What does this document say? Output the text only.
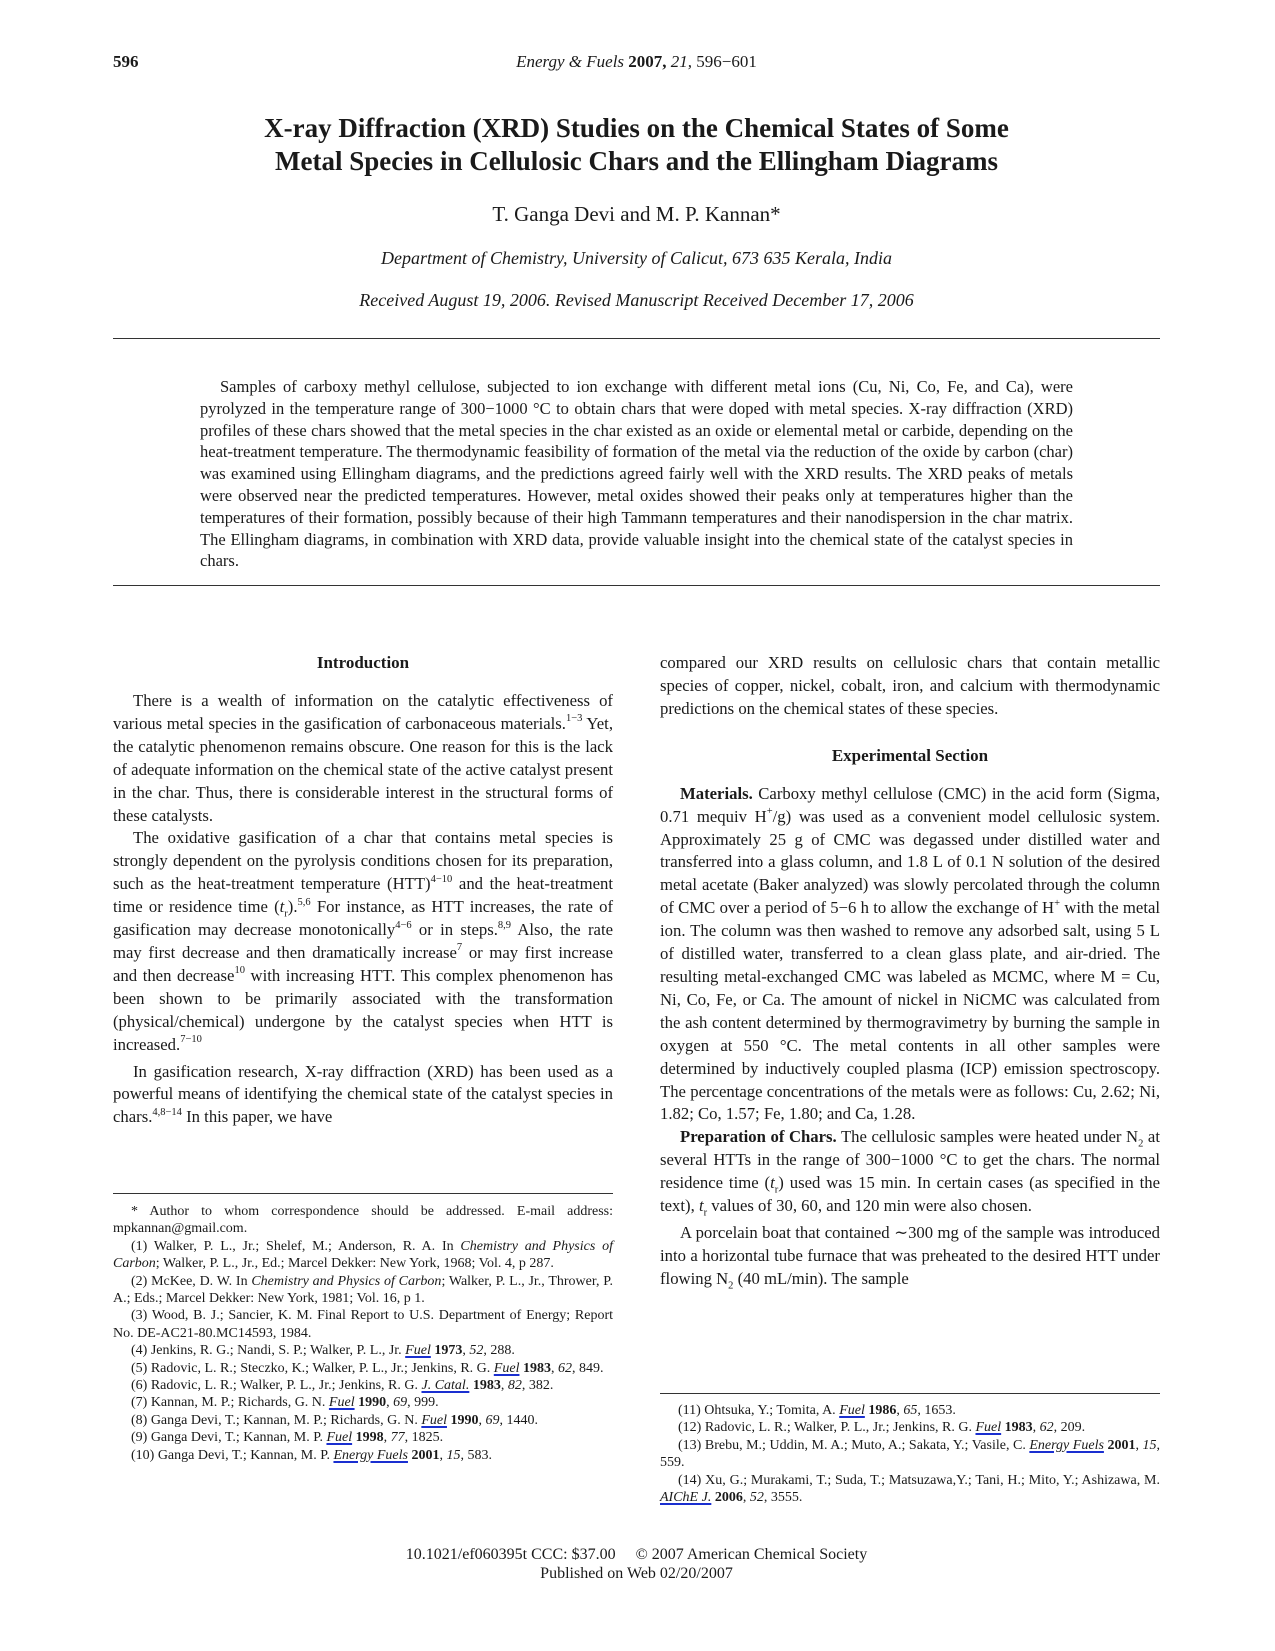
596	Energy & Fuels 2007, 21, 596−601
X-ray Diffraction (XRD) Studies on the Chemical States of Some
Metal Species in Cellulosic Chars and the Ellingham Diagrams
T. Ganga Devi and M. P. Kannan*
Department of Chemistry, University of Calicut, 673 635 Kerala, India
Received August 19, 2006. Revised Manuscript Received December 17, 2006
Samples of carboxy methyl cellulose, subjected to ion exchange with different metal ions (Cu, Ni, Co, Fe, and Ca), were pyrolyzed in the temperature range of 300−1000 °C to obtain chars that were doped with metal species. X-ray diffraction (XRD) profiles of these chars showed that the metal species in the char existed as an oxide or elemental metal or carbide, depending on the heat-treatment temperature. The thermodynamic feasibility of formation of the metal via the reduction of the oxide by carbon (char) was examined using Ellingham diagrams, and the predictions agreed fairly well with the XRD results. The XRD peaks of metals were observed near the predicted temperatures. However, metal oxides showed their peaks only at temperatures higher than the temperatures of their formation, possibly because of their high Tammann temperatures and their nanodispersion in the char matrix. The Ellingham diagrams, in combination with XRD data, provide valuable insight into the chemical state of the catalyst species in chars.
Introduction

There is a wealth of information on the catalytic effectiveness of various metal species in the gasification of carbonaceous materials.$^{1-3}$ Yet, the catalytic phenomenon remains obscure. One reason for this is the lack of adequate information on the chemical state of the active catalyst present in the char. Thus, there is considerable interest in the structural forms of these catalysts.

The oxidative gasification of a char that contains metal species is strongly dependent on the pyrolysis conditions chosen for its preparation, such as the heat-treatment temperature (HTT)$^{4-10}$ and the heat-treatment time or residence time $(t_r).^{5,6}$ For instance, as HTT increases, the rate of gasification may decrease monotonically$^{4-6}$ or in steps.$^{8,9}$ Also, the rate may first decrease and then dramatically increase$^7$ or may first increase and then decrease$^{10}$ with increasing HTT. This complex phenomenon has been shown to be primarily associated with the transformation (physical/chemical) undergone by the catalyst species when HTT is increased.$^{7-10}$

In gasification research, X-ray diffraction (XRD) has been used as a powerful means of identifying the chemical state of the catalyst species in chars.$^{4,8-14}$ In this paper, we have

* Author to whom correspondence should be addressed. E-mail address: mpkannan@gmail.com.

(1) Walker, P. L., Jr.; Shelef, M.; Anderson, R. A. In Chemistry and Physics of Carbon; Walker, P. L., Jr., Ed.; Marcel Dekker: New York, 1968; Vol. 4, p 287.

(2) McKee, D. W. In Chemistry and Physics of Carbon; Walker, P. L., Jr., Thrower, P. A.; Eds.; Marcel Dekker: New York, 1981; Vol. 16, p 1.

(3) Wood, B. J.; Sancier, K. M. Final Report to U.S. Department of Energy; Report No. DE-AC21-80.MC14593, 1984.

(4) Jenkins, R. G.; Nandi, S. P.; Walker, P. L., Jr. Fuel 1973, 52, 288.

(5) Radovic, L. R.; Steczko, K.; Walker, P. L., Jr.; Jenkins, R. G. Fuel 1983, 62, 849.

(6) Radovic, L. R.; Walker, P. L., Jr.; Jenkins, R. G. J. Catal. 1983, 82, 382.

(7) Kannan, M. P.; Richards, G. N. Fuel 1990, 69, 999.

(8) Ganga Devi, T.; Kannan, M. P.; Richards, G. N. Fuel 1990, 69, 1440.

(9) Ganga Devi, T.; Kannan, M. P. Fuel 1998, 77, 1825.

(10) Ganga Devi, T.; Kannan, M. P. Energy Fuels 2001, 15, 583.

compared our XRD results on cellulosic chars that contain metallic species of copper, nickel, cobalt, iron, and calcium with thermodynamic predictions on the chemical states of these species.

Experimental Section

Materials. Carboxy methyl cellulose (CMC) in the acid form (Sigma, 0.71 mequiv H+/g) was used as a convenient model cellulosic system. Approximately 25 g of CMC was degassed under distilled water and transferred into a glass column, and 1.8 L of 0.1 N solution of the desired metal acetate (Baker analyzed) was slowly percolated through the column of CMC over a period of 5−6 h to allow the exchange of H+ with the metal ion. The column was then washed to remove any adsorbed salt, using 5 L of distilled water, transferred to a clean glass plate, and air-dried. The resulting metal-exchanged CMC was labeled as MCMC, where M = Cu, Ni, Co, Fe, or Ca. The amount of nickel in NiCMC was calculated from the ash content determined by thermogravimetry by burning the sample in oxygen at 550 °C. The metal contents in all other samples were determined by inductively coupled plasma (ICP) emission spectroscopy. The percentage concentrations of the metals were as follows: Cu, 2.62; Ni, 1.82; Co, 1.57; Fe, 1.80; and Ca, 1.28.

Preparation of Chars. The cellulosic samples were heated under $N_2$ at several HTTs in the range of 300−1000 °C to get the chars. The normal residence time $(t_r)$ used was 15 min. In certain cases (as specified in the text), $t_r$ values of 30, 60, and 120 min were also chosen.

A porcelain boat that contained ∼300 mg of the sample was introduced into a horizontal tube furnace that was preheated to the desired HTT under flowing $N_2$ (40 mL/min). The sample

(11) Ohtsuka, Y.; Tomita, A. Fuel 1986, 65, 1653.

(12) Radovic, L. R.; Walker, P. L., Jr.; Jenkins, R. G. Fuel 1983, 62, 209.

(13) Brebu, M.; Uddin, M. A.; Muto, A.; Sakata, Y.; Vasile, C. Energy Fuels 2001, 15, 559.

(14) Xu, G.; Murakami, T.; Suda, T.; Matsuzawa,Y.; Tani, H.; Mito, Y.; Ashizawa, M. AIChE J. 2006, 52, 3555.

10.1021/ef060395t CCC: $37.00 © 2007 American Chemical Society
Published on Web 02/20/2007
